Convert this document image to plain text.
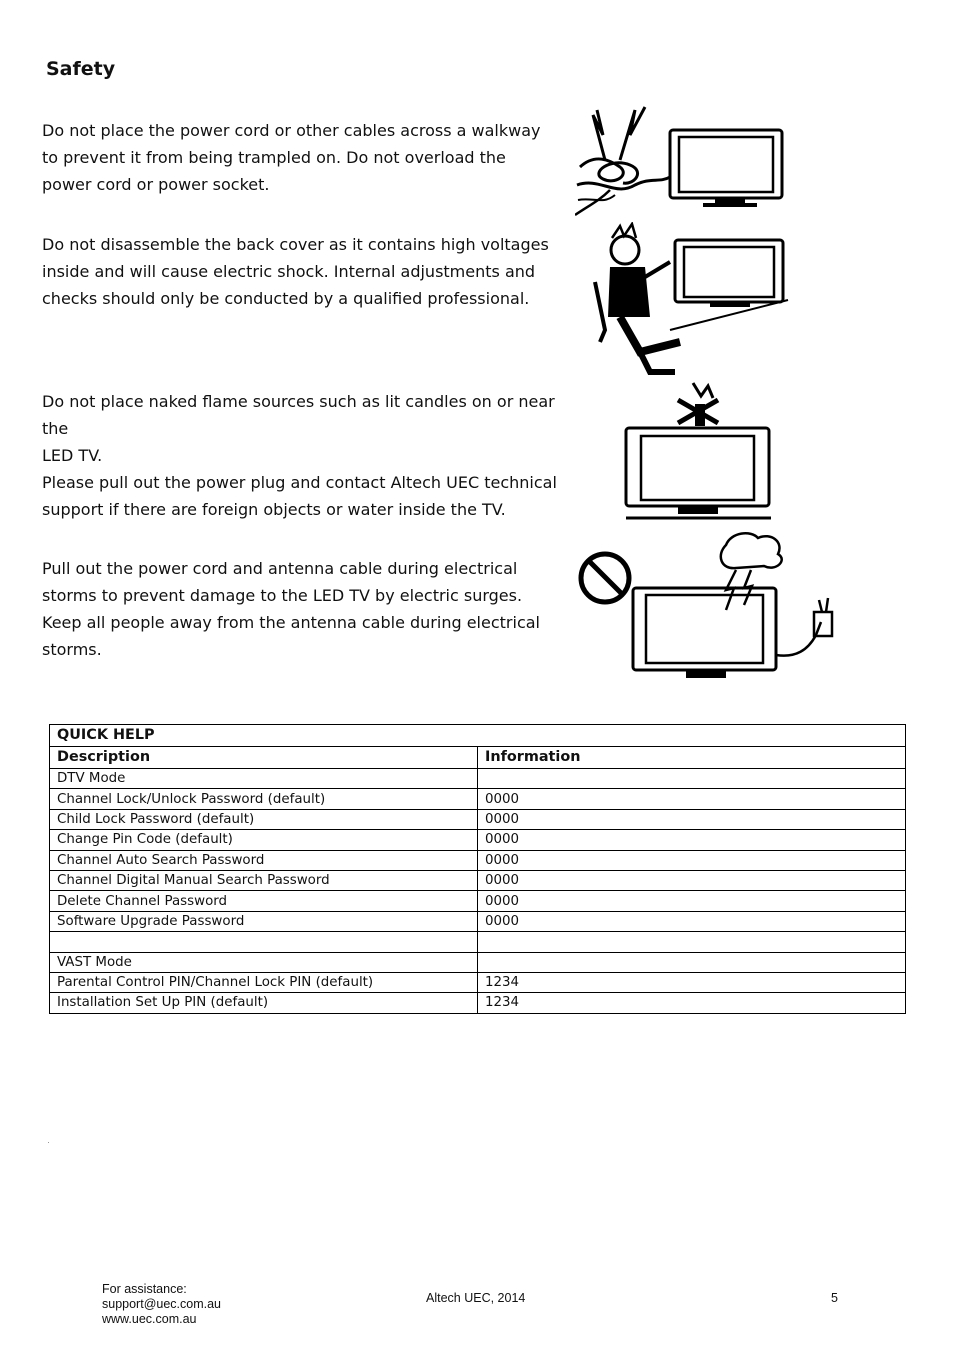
Safety

Do not place the power cord or other cables across a walkway

to prevent it from being trampled on. Do not overload the

power cord or power socket.

Do not disassemble the back cover as it contains high voltages

inside and will cause electric shock. Internal adjustments and

checks should only be conducted by a qualified professional.

Do not place naked flame sources such as lit candles on or near the

LED TV.

Please pull out the power plug and contact Altech UEC technical

support if there are foreign objects or water inside the TV.

Pull out the power cord and antenna cable during electrical

storms to prevent damage to the LED TV by electric surges.

Keep all people away from the antenna cable during electrical

storms.

QUICK HELP	
Description	Information
DTV Mode	
Channel Lock/Unlock Password (default)	0000
Child Lock Password (default)	0000
Change Pin Code (default)	0000
Channel Auto Search Password	0000
Channel Digital Manual Search Password	0000
Delete Channel Password	0000
Software Upgrade Password	0000

VAST Mode	
Parental Control PIN/Channel Lock PIN (default)	1234
Installation Set Up PIN (default)	1234
For assistance:
support@uec.com.au
www.uec.com.au
Altech UEC, 2014	5
